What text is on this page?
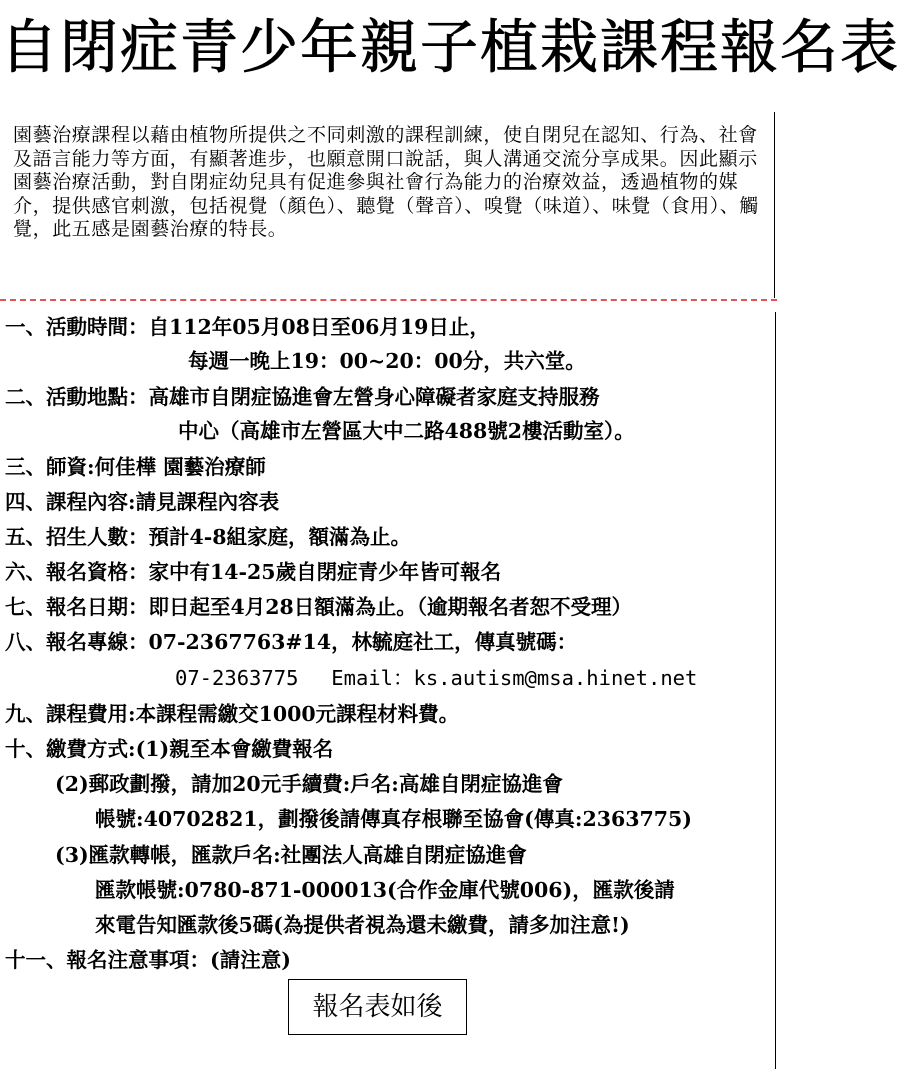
自閉症青少年親子植栽課程報名表

園藝治療課程以藉由植物所提供之不同刺激的課程訓練，使自閉兒在認知、行為、社會及語言能力等方面，有顯著進步，也願意開口說話，與人溝通交流分享成果。因此顯示園藝治療活動，對自閉症幼兒具有促進參與社會行為能力的治療效益，透過植物的媒介，提供感官刺激，包括視覺（顏色）、聽覺（聲音）、嗅覺（味道）、味覺（食用）、觸覺，此五感是園藝治療的特長。

一、活動時間：自112年05月08日至06月19日止，
每週一晚上19：00~20：00分，共六堂。
二、活動地點：高雄市自閉症協進會左營身心障礙者家庭支持服務
中心（高雄市左營區大中二路488號2樓活動室）。
三、師資:何佳樺 園藝治療師
四、課程內容:請見課程內容表
五、招生人數：預計4-8組家庭，額滿為止。
六、報名資格：家中有14-25歲自閉症青少年皆可報名
七、報名日期：即日起至4月28日額滿為止。（逾期報名者恕不受理）
八、報名專線：07-2367763#14，林毓庭社工，傳真號碼：
07-2363775　 Email：ks.autism@msa.hinet.net
九、課程費用:本課程需繳交1000元課程材料費。
十、繳費方式:(1)親至本會繳費報名
(2)郵政劃撥，請加20元手續費:戶名:高雄自閉症協進會
帳號:40702821，劃撥後請傳真存根聯至協會(傳真:2363775)
(3)匯款轉帳，匯款戶名:社團法人高雄自閉症協進會
匯款帳號:0780-871-000013(合作金庫代號006)，匯款後請
來電告知匯款後5碼(為提供者視為還未繳費，請多加注意!)
十一、報名注意事項：(請注意)
報名表如後
